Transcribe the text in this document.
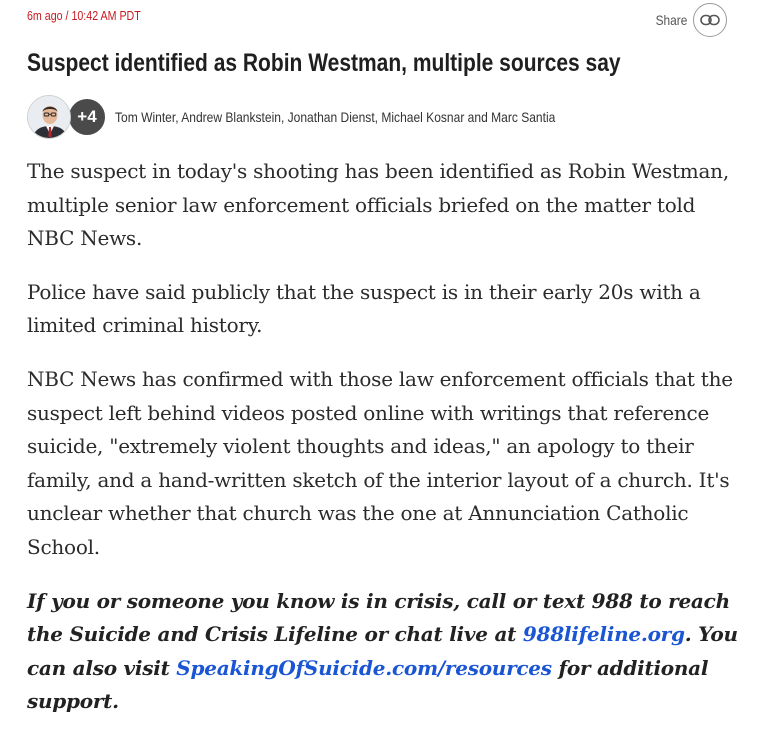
6m ago / 10:42 AM PDT	Share
Suspect identified as Robin Westman, multiple sources say
+4	Tom Winter, Andrew Blankstein, Jonathan Dienst, Michael Kosnar and Marc Santia

The suspect in today's shooting has been identified as Robin Westman, multiple senior law enforcement officials briefed on the matter told NBC News.

Police have said publicly that the suspect is in their early 20s with a limited criminal history.

NBC News has confirmed with those law enforcement officials that the suspect left behind videos posted online with writings that reference suicide, "extremely violent thoughts and ideas," an apology to their family, and a hand-written sketch of the interior layout of a church. It's unclear whether that church was the one at Annunciation Catholic School.

If you or someone you know is in crisis, call or text 988 to reach the Suicide and Crisis Lifeline or chat live at 988lifeline.org. You can also visit SpeakingOfSuicide.com/resources for additional support.
